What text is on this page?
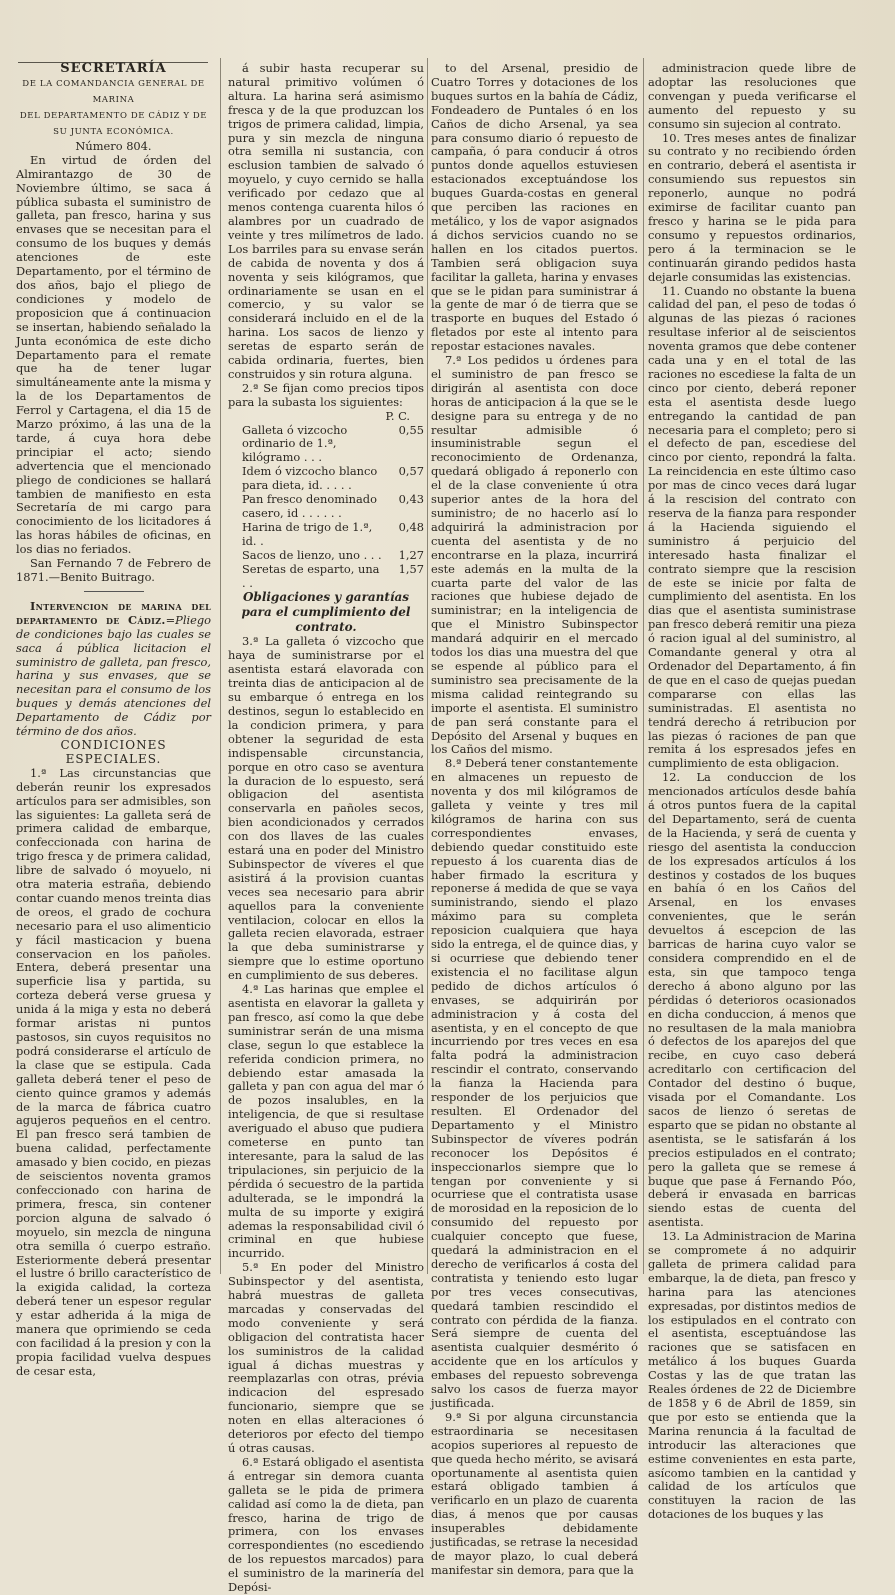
SECRETARÍA

DE LA COMANDANCIA GENERAL DE MARINA

DEL DEPARTAMENTO DE CÁDIZ Y DE

SU JUNTA ECONÓMICA.

Número 804.

En virtud de órden del Almirantazgo de 30 de Noviembre último, se saca á pública subasta el suministro de galleta, pan fresco, harina y sus envases que se necesitan para el consumo de los buques y demás atenciones de este Departamento, por el término de dos años, bajo el pliego de condiciones y modelo de proposicion que á continuacion se insertan, habiendo señalado la Junta económica de este dicho Departamento para el remate que ha de tener lugar simultáneamente ante la misma y la de los Departamentos de Ferrol y Cartagena, el dia 15 de Marzo próximo, á las una de la tarde, á cuya hora debe principiar el acto; siendo advertencia que el mencionado pliego de condiciones se hallará tambien de manifiesto en esta Secretaría de mi cargo para conocimiento de los licitadores á las horas hábiles de oficinas, en los dias no feriados.

San Fernando 7 de Febrero de 1871.—Benito Buitrago.

Intervencion de marina del departamento de Cádiz.=Pliego de condiciones bajo las cuales se saca á pública licitacion el suministro de galleta, pan fresco, harina y sus envases, que se necesitan para el consumo de los buques y demás atenciones del Departamento de Cádiz por término de dos años.

CONDICIONES ESPECIALES.

1.ª Las circunstancias que deberán reunir los expresados artículos para ser admisibles, son las siguientes: La galleta será de primera calidad de embarque, confeccionada con harina de trigo fresca y de primera calidad, libre de salvado ó moyuelo, ni otra materia estraña, debiendo contar cuando menos treinta dias de oreos, el grado de cochura necesario para el uso alimenticio y fácil masticacion y buena conservacion en los pañoles. Entera, deberá presentar una superficie lisa y partida, su corteza deberá verse gruesa y unida á la miga y esta no deberá formar aristas ni puntos pastosos, sin cuyos requisitos no podrá considerarse el artículo de la clase que se estipula. Cada galleta deberá tener el peso de ciento quince gramos y además de la marca de fábrica cuatro agujeros pequeños en el centro. El pan fresco será tambien de buena calidad, perfectamente amasado y bien cocido, en piezas de seiscientos noventa gramos confeccionado con harina de primera, fresca, sin contener porcion alguna de salvado ó moyuelo, sin mezcla de ninguna otra semilla ó cuerpo estraño. Esteriormente deberá presentar el lustre ó brillo característico de la exigida calidad, la corteza deberá tener un espesor regular y estar adherida á la miga de manera que oprimiendo se ceda con facilidad á la presion y con la propia facilidad vuelva despues de cesar esta,

á subir hasta recuperar su natural primitivo volúmen ó altura. La harina será asimismo fresca y de la que produzcan los trigos de primera calidad, limpia, pura y sin mezcla de ninguna otra semilla ni sustancia, con esclusion tambien de salvado ó moyuelo, y cuyo cernido se halla verificado por cedazo que al menos contenga cuarenta hilos ó alambres por un cuadrado de veinte y tres milímetros de lado. Los barriles para su envase serán de cabida de noventa y dos á noventa y seis kilógramos, que ordinariamente se usan en el comercio, y su valor se considerará incluido en el de la harina. Los sacos de lienzo y seretas de esparto serán de cabida ordinaria, fuertes, bien construidos y sin rotura alguna.

2.ª Se fijan como precios tipos para la subasta los siguientes:

P. C.

Galleta ó vizcocho ordinario de 1.ª, kilógramo . . .
0,55
Idem ó vizcocho blanco para dieta, id. . . . .
0,57
Pan fresco denominado casero, id . . . . . .
0,43
Harina de trigo de 1.ª, id. .
0,48
Sacos de lienzo, uno . . .	1,27
Seretas de esparto, una . .
1,57

Obligaciones y garantías para el cumplimiento del contrato.

3.ª La galleta ó vizcocho que haya de suministrarse por el asentista estará elavorada con treinta dias de anticipacion al de su embarque ó entrega en los destinos, segun lo establecido en la condicion primera, y para obtener la seguridad de esta indispensable circunstancia, porque en otro caso se aventura la duracion de lo espuesto, será obligacion del asentista conservarla en pañoles secos, bien acondicionados y cerrados con dos llaves de las cuales estará una en poder del Ministro Subinspector de víveres el que asistirá á la provision cuantas veces sea necesario para abrir aquellos para la conveniente ventilacion, colocar en ellos la galleta recien elavorada, estraer la que deba suministrarse y siempre que lo estime oportuno en cumplimiento de sus deberes.

4.ª Las harinas que emplee el asentista en elavorar la galleta y pan fresco, así como la que debe suministrar serán de una misma clase, segun lo que establece la referida condicion primera, no debiendo estar amasada la galleta y pan con agua del mar ó de pozos insalubles, en la inteligencia, de que si resultase averiguado el abuso que pudiera cometerse en punto tan interesante, para la salud de las tripulaciones, sin perjuicio de la pérdida ó secuestro de la partida adulterada, se le impondrá la multa de su importe y exigirá ademas la responsabilidad civil ó criminal en que hubiese incurrido.

5.ª En poder del Ministro Subinspector y del asentista, habrá muestras de galleta marcadas y conservadas del modo conveniente y será obligacion del contratista hacer los suministros de la calidad igual á dichas muestras y reemplazarlas con otras, prévia indicacion del espresado funcionario, siempre que se noten en ellas alteraciones ó deterioros por efecto del tiempo ú otras causas.

6.ª Estará obligado el asentista á entregar sin demora cuanta galleta se le pida de primera calidad así como la de dieta, pan fresco, harina de trigo de primera, con los envases correspondientes (no escediendo de los repuestos marcados) para el suministro de la marinería del Depósi-

to del Arsenal, presidio de Cuatro Torres y dotaciones de los buques surtos en la bahía de Cádiz, Fondeadero de Puntales ó en los Caños de dicho Arsenal, ya sea para consumo diario ó repuesto de campaña, ó para conducir á otros puntos donde aquellos estuviesen estacionados exceptuándose los buques Guarda-costas en general que perciben las raciones en metálico, y los de vapor asignados á dichos servicios cuando no se hallen en los citados puertos. Tambien será obligacion suya facilitar la galleta, harina y envases que se le pidan para suministrar á la gente de mar ó de tierra que se trasporte en buques del Estado ó fletados por este al intento para repostar estaciones navales.

7.ª Los pedidos u órdenes para el suministro de pan fresco se dirigirán al asentista con doce horas de anticipacion á la que se le designe para su entrega y de no resultar admisible ó insuministrable segun el reconocimiento de Ordenanza, quedará obligado á reponerlo con el de la clase conveniente ú otra superior antes de la hora del suministro; de no hacerlo así lo adquirirá la administracion por cuenta del asentista y de no encontrarse en la plaza, incurrirá este además en la multa de la cuarta parte del valor de las raciones que hubiese dejado de suministrar; en la inteligencia de que el Ministro Subinspector mandará adquirir en el mercado todos los dias una muestra del que se espende al público para el suministro sea precisamente de la misma calidad reintegrando su importe el asentista. El suministro de pan será constante para el Depósito del Arsenal y buques en los Caños del mismo.

8.ª Deberá tener constantemente en almacenes un repuesto de noventa y dos mil kilógramos de galleta y veinte y tres mil kilógramos de harina con sus correspondientes envases, debiendo quedar constituido este repuesto á los cuarenta dias de haber firmado la escritura y reponerse á medida de que se vaya suministrando, siendo el plazo máximo para su completa reposicion cualquiera que haya sido la entrega, el de quince dias, y si ocurriese que debiendo tener existencia el no facilitase algun pedido de dichos artículos ó envases, se adquirirán por administracion y á costa del asentista, y en el concepto de que incurriendo por tres veces en esa falta podrá la administracion rescindir el contrato, conservando la fianza la Hacienda para responder de los perjuicios que resulten. El Ordenador del Departamento y el Ministro Subinspector de víveres podrán reconocer los Depósitos é inspeccionarlos siempre que lo tengan por conveniente y si ocurriese que el contratista usase de morosidad en la reposicion de lo consumido del repuesto por cualquier concepto que fuese, quedará la administracion en el derecho de verificarlos á costa del contratista y teniendo esto lugar por tres veces consecutivas, quedará tambien rescindido el contrato con pérdida de la fianza. Será siempre de cuenta del asentista cualquier desmérito ó accidente que en los artículos y embases del repuesto sobrevenga salvo los casos de fuerza mayor justificada.

9.ª Si por alguna circunstancia estraordinaria se necesitasen acopios superiores al repuesto de que queda hecho mérito, se avisará oportunamente al asentista quien estará obligado tambien á verificarlo en un plazo de cuarenta dias, á menos que por causas insuperables debidamente justificadas, se retrase la necesidad de mayor plazo, lo cual deberá manifestar sin demora, para que la

administracion quede libre de adoptar las resoluciones que convengan y pueda verificarse el aumento del repuesto y su consumo sin sujecion al contrato.

10. Tres meses antes de finalizar su contrato y no recibiendo órden en contrario, deberá el asentista ir consumiendo sus repuestos sin reponerlo, aunque no podrá eximirse de facilitar cuanto pan fresco y harina se le pida para consumo y repuestos ordinarios, pero á la terminacion se le continuarán girando pedidos hasta dejarle consumidas las existencias.

11. Cuando no obstante la buena calidad del pan, el peso de todas ó algunas de las piezas ó raciones resultase inferior al de seiscientos noventa gramos que debe contener cada una y en el total de las raciones no escediese la falta de un cinco por ciento, deberá reponer esta el asentista desde luego entregando la cantidad de pan necesaria para el completo; pero si el defecto de pan, escediese del cinco por ciento, repondrá la falta. La reincidencia en este último caso por mas de cinco veces dará lugar á la rescision del contrato con reserva de la fianza para responder á la Hacienda siguiendo el suministro á perjuicio del interesado hasta finalizar el contrato siempre que la rescision de este se inicie por falta de cumplimiento del asentista. En los dias que el asentista suministrase pan fresco deberá remitir una pieza ó racion igual al del suministro, al Comandante general y otra al Ordenador del Departamento, á fin de que en el caso de quejas puedan compararse con ellas las suministradas. El asentista no tendrá derecho á retribucion por las piezas ó raciones de pan que remita á los espresados jefes en cumplimiento de esta obligacion.

12. La conduccion de los mencionados artículos desde bahía á otros puntos fuera de la capital del Departamento, será de cuenta de la Hacienda, y será de cuenta y riesgo del asentista la conduccion de los expresados artículos á los destinos y costados de los buques en bahía ó en los Caños del Arsenal, en los envases convenientes, que le serán devueltos á escepcion de las barricas de harina cuyo valor se considera comprendido en el de esta, sin que tampoco tenga derecho á abono alguno por las pérdidas ó deterioros ocasionados en dicha conduccion, á menos que no resultasen de la mala maniobra ó defectos de los aparejos del que recibe, en cuyo caso deberá acreditarlo con certificacion del Contador del destino ó buque, visada por el Comandante. Los sacos de lienzo ó seretas de esparto que se pidan no obstante al asentista, se le satisfarán á los precios estipulados en el contrato; pero la galleta que se remese á buque que pase á Fernando Póo, deberá ir envasada en barricas siendo estas de cuenta del asentista.

13. La Administracion de Marina se compromete á no adquirir galleta de primera calidad para embarque, la de dieta, pan fresco y harina para las atenciones expresadas, por distintos medios de los estipulados en el contrato con el asentista, esceptuándose las raciones que se satisfacen en metálico á los buques Guarda Costas y las de que tratan las Reales órdenes de 22 de Diciembre de 1858 y 6 de Abril de 1859, sin que por esto se entienda que la Marina renuncia á la facultad de introducir las alteraciones que estime convenientes en esta parte, asícomo tambien en la cantidad y calidad de los artículos que constituyen la racion de las dotaciones de los buques y las
